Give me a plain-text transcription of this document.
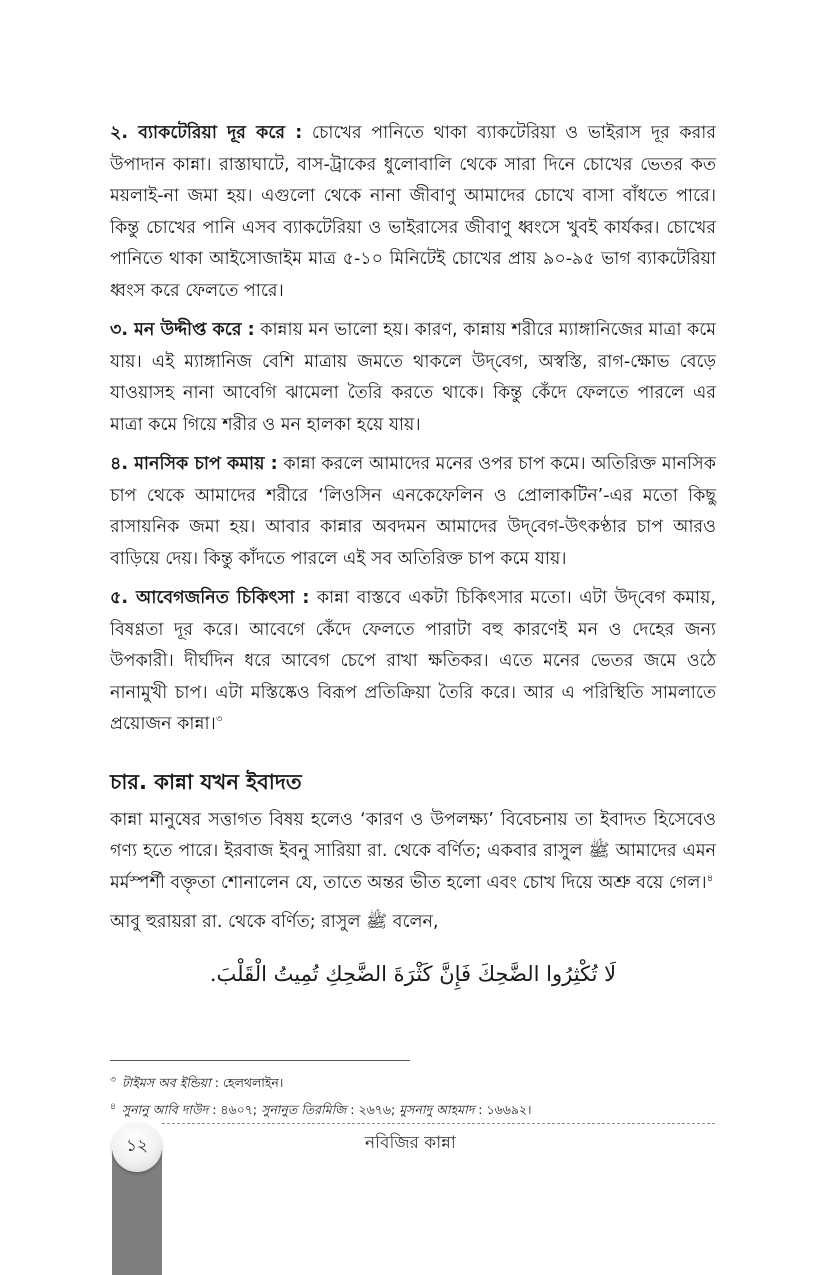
২. ব্যাকটেরিয়া দূর করে : চোখের পানিতে থাকা ব্যাকটেরিয়া ও ভাইরাস দূর করার উপাদান কান্না। রাস্তাঘাটে, বাস-ট্রাকের ধুলোবালি থেকে সারা দিনে চোখের ভেতর কত ময়লাই-না জমা হয়। এগুলো থেকে নানা জীবাণু আমাদের চোখে বাসা বাঁধতে পারে। কিন্তু চোখের পানি এসব ব্যাকটেরিয়া ও ভাইরাসের জীবাণু ধ্বংসে খুবই কার্যকর। চোখের পানিতে থাকা আইসোজাইম মাত্র ৫-১০ মিনিটেই চোখের প্রায় ৯০-৯৫ ভাগ ব্যাকটেরিয়া ধ্বংস করে ফেলতে পারে।

৩. মন উদ্দীপ্ত করে : কান্নায় মন ভালো হয়। কারণ, কান্নায় শরীরে ম্যাঙ্গানিজের মাত্রা কমে যায়। এই ম্যাঙ্গানিজ বেশি মাত্রায় জমতে থাকলে উদ্‌বেগ, অস্বস্তি, রাগ-ক্ষোভ বেড়ে যাওয়াসহ নানা আবেগি ঝামেলা তৈরি করতে থাকে। কিন্তু কেঁদে ফেলতে পারলে এর মাত্রা কমে গিয়ে শরীর ও মন হালকা হয়ে যায়।

৪. মানসিক চাপ কমায় : কান্না করলে আমাদের মনের ওপর চাপ কমে। অতিরিক্ত মানসিক চাপ থেকে আমাদের শরীরে ‘লিওসিন এনকেফেলিন ও প্রোলাকটিন’-এর মতো কিছু রাসায়নিক জমা হয়। আবার কান্নার অবদমন আমাদের উদ্‌বেগ-উৎকণ্ঠার চাপ আরও বাড়িয়ে দেয়। কিন্তু কাঁদতে পারলে এই সব অতিরিক্ত চাপ কমে যায়।

৫. আবেগজনিত চিকিৎসা : কান্না বাস্তবে একটা চিকিৎসার মতো। এটা উদ্‌বেগ কমায়, বিষণ্ণতা দূর করে। আবেগে কেঁদে ফেলতে পারাটা বহু কারণেই মন ও দেহের জন্য উপকারী। দীর্ঘদিন ধরে আবেগ চেপে রাখা ক্ষতিকর। এতে মনের ভেতর জমে ওঠে নানামুখী চাপ। এটা মস্তিষ্কেও বিরূপ প্রতিক্রিয়া তৈরি করে। আর এ পরিস্থিতি সামলাতে প্রয়োজন কান্না।$^৩$

চার. কান্না যখন ইবাদত

কান্না মানুষের সত্তাগত বিষয় হলেও ‘কারণ ও উপলক্ষ্য’ বিবেচনায় তা ইবাদত হিসেবেও গণ্য হতে পারে। ইরবাজ ইবনু সারিয়া রা. থেকে বর্ণিত; একবার রাসুল ﷺ আমাদের এমন মর্মস্পর্শী বক্তৃতা শোনালেন যে, তাতে অন্তর ভীত হলো এবং চোখ দিয়ে অশ্রু বয়ে গেল।$^৪$

আবু হুরায়রা রা. থেকে বর্ণিত; রাসুল ﷺ বলেন,

لَا تُكْثِرُوا الضَّحِكَ فَإِنَّ كَثْرَةَ الضَّحِكِ تُمِيتُ الْقَلْبَ.

$^৩$ টাইমস অব ইন্ডিয়া : হেলথলাইন।
$^৪$ সুনানু আবি দাউদ : ৪৬০৭; সুনানুত তিরমিজি : ২৬৭৬; মুসনাদু আহমাদ : ১৬৬৯২।
১২	নবিজির কান্না
